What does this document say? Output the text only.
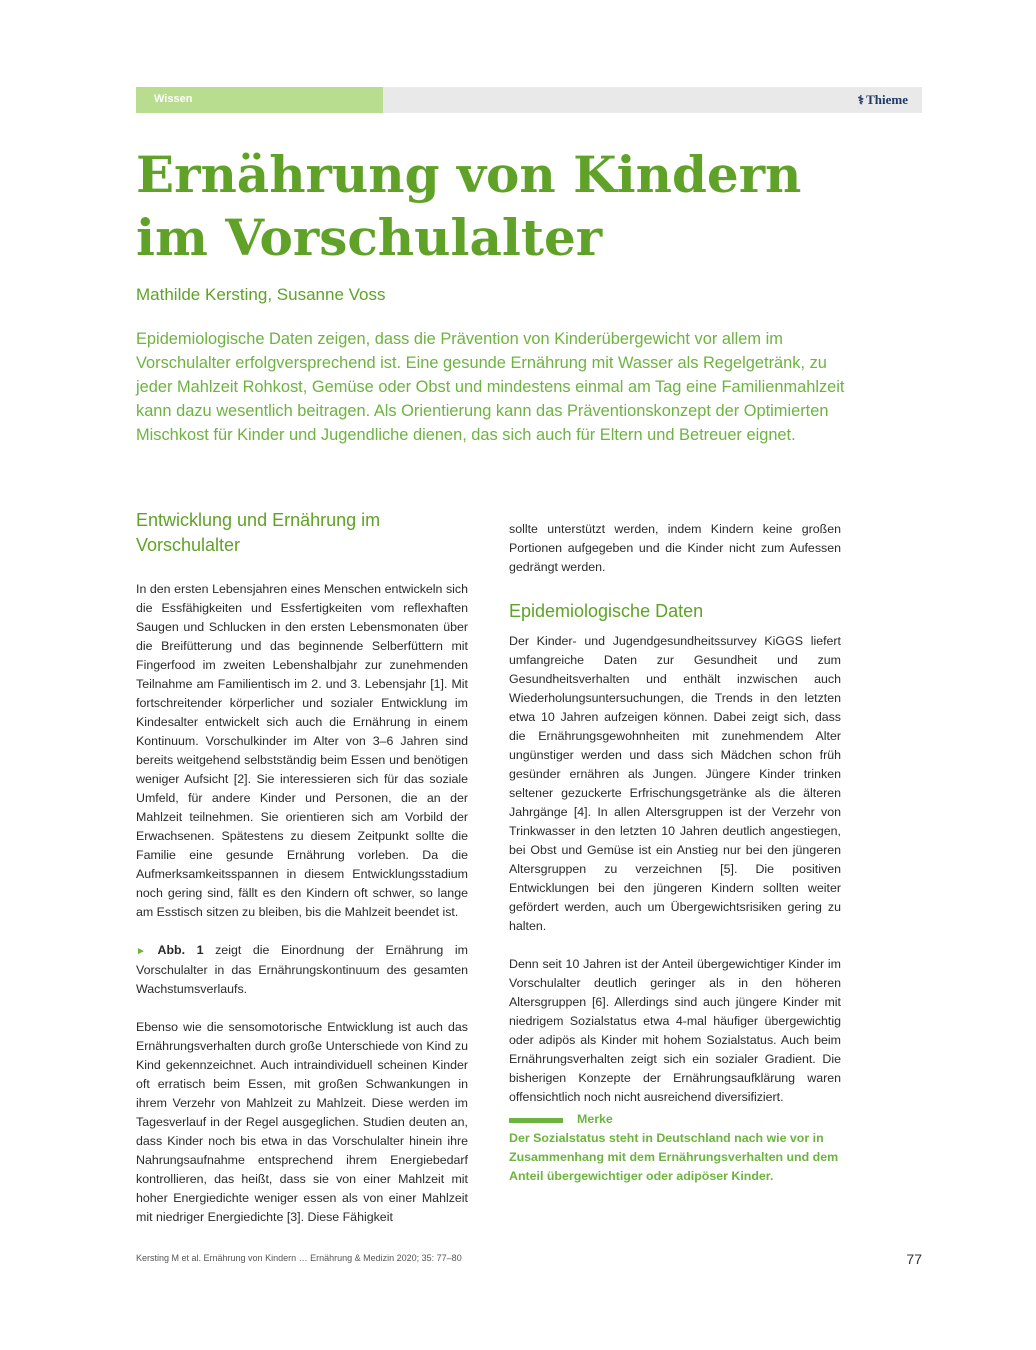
Wissen	⚕ Thieme
Ernährung von Kindern
im Vorschulalter
Mathilde Kersting, Susanne Voss

Epidemiologische Daten zeigen, dass die Prävention von Kinderübergewicht vor allem im Vorschulalter erfolgversprechend ist. Eine gesunde Ernährung mit Wasser als Regelgetränk, zu jeder Mahlzeit Rohkost, Gemüse oder Obst und mindestens einmal am Tag eine Familienmahlzeit kann dazu wesentlich beitragen. Als Orientierung kann das Präventionskonzept der Optimierten Mischkost für Kinder und Jugendliche dienen, das sich auch für Eltern und Betreuer eignet.

Entwicklung und Ernährung im Vorschulalter

In den ersten Lebensjahren eines Menschen entwickeln sich die Essfähigkeiten und Essfertigkeiten vom reflexhaften Saugen und Schlucken in den ersten Lebensmonaten über die Breifütterung und das beginnende Selberfüttern mit Fingerfood im zweiten Lebenshalbjahr zur zunehmenden Teilnahme am Familientisch im 2. und 3. Lebensjahr [1]. Mit fortschreitender körperlicher und sozialer Entwicklung im Kindesalter entwickelt sich auch die Ernährung in einem Kontinuum. Vorschulkinder im Alter von 3–6 Jahren sind bereits weitgehend selbstständig beim Essen und benötigen weniger Aufsicht [2]. Sie interessieren sich für das soziale Umfeld, für andere Kinder und Personen, die an der Mahlzeit teilnehmen. Sie orientieren sich am Vorbild der Erwachsenen. Spätestens zu diesem Zeitpunkt sollte die Familie eine gesunde Ernährung vorleben. Da die Aufmerksamkeitsspannen in diesem Entwicklungsstadium noch gering sind, fällt es den Kindern oft schwer, so lange am Esstisch sitzen zu bleiben, bis die Mahlzeit beendet ist.

► Abb. 1 zeigt die Einordnung der Ernährung im Vorschulalter in das Ernährungskontinuum des gesamten Wachstumsverlaufs.

Ebenso wie die sensomotorische Entwicklung ist auch das Ernährungsverhalten durch große Unterschiede von Kind zu Kind gekennzeichnet. Auch intraindividuell scheinen Kinder oft erratisch beim Essen, mit großen Schwankungen in ihrem Verzehr von Mahlzeit zu Mahlzeit. Diese werden im Tagesverlauf in der Regel ausgeglichen. Studien deuten an, dass Kinder noch bis etwa in das Vorschulalter hinein ihre Nahrungsaufnahme entsprechend ihrem Energiebedarf kontrollieren, das heißt, dass sie von einer Mahlzeit mit hoher Energiedichte weniger essen als von einer Mahlzeit mit niedriger Energiedichte [3]. Diese Fähigkeit

sollte unterstützt werden, indem Kindern keine großen Portionen aufgegeben und die Kinder nicht zum Aufessen gedrängt werden.

Epidemiologische Daten

Der Kinder- und Jugendgesundheitssurvey KiGGS liefert umfangreiche Daten zur Gesundheit und zum Gesundheitsverhalten und enthält inzwischen auch Wiederholungsuntersuchungen, die Trends in den letzten etwa 10 Jahren aufzeigen können. Dabei zeigt sich, dass die Ernährungsgewohnheiten mit zunehmendem Alter ungünstiger werden und dass sich Mädchen schon früh gesünder ernähren als Jungen. Jüngere Kinder trinken seltener gezuckerte Erfrischungsgetränke als die älteren Jahrgänge [4]. In allen Altersgruppen ist der Verzehr von Trinkwasser in den letzten 10 Jahren deutlich angestiegen, bei Obst und Gemüse ist ein Anstieg nur bei den jüngeren Altersgruppen zu verzeichnen [5]. Die positiven Entwicklungen bei den jüngeren Kindern sollten weiter gefördert werden, auch um Übergewichtsrisiken gering zu halten.

Denn seit 10 Jahren ist der Anteil übergewichtiger Kinder im Vorschulalter deutlich geringer als in den höheren Altersgruppen [6]. Allerdings sind auch jüngere Kinder mit niedrigem Sozialstatus etwa 4-mal häufiger übergewichtig oder adipös als Kinder mit hohem Sozialstatus. Auch beim Ernährungsverhalten zeigt sich ein sozialer Gradient. Die bisherigen Konzepte der Ernährungsaufklärung waren offensichtlich noch nicht ausreichend diversifiziert.

Merke

Der Sozialstatus steht in Deutschland nach wie vor in Zusammenhang mit dem Ernährungsverhalten und dem Anteil übergewichtiger oder adipöser Kinder.

Kersting M et al. Ernährung von Kindern … Ernährung & Medizin 2020; 35: 77–80	77
